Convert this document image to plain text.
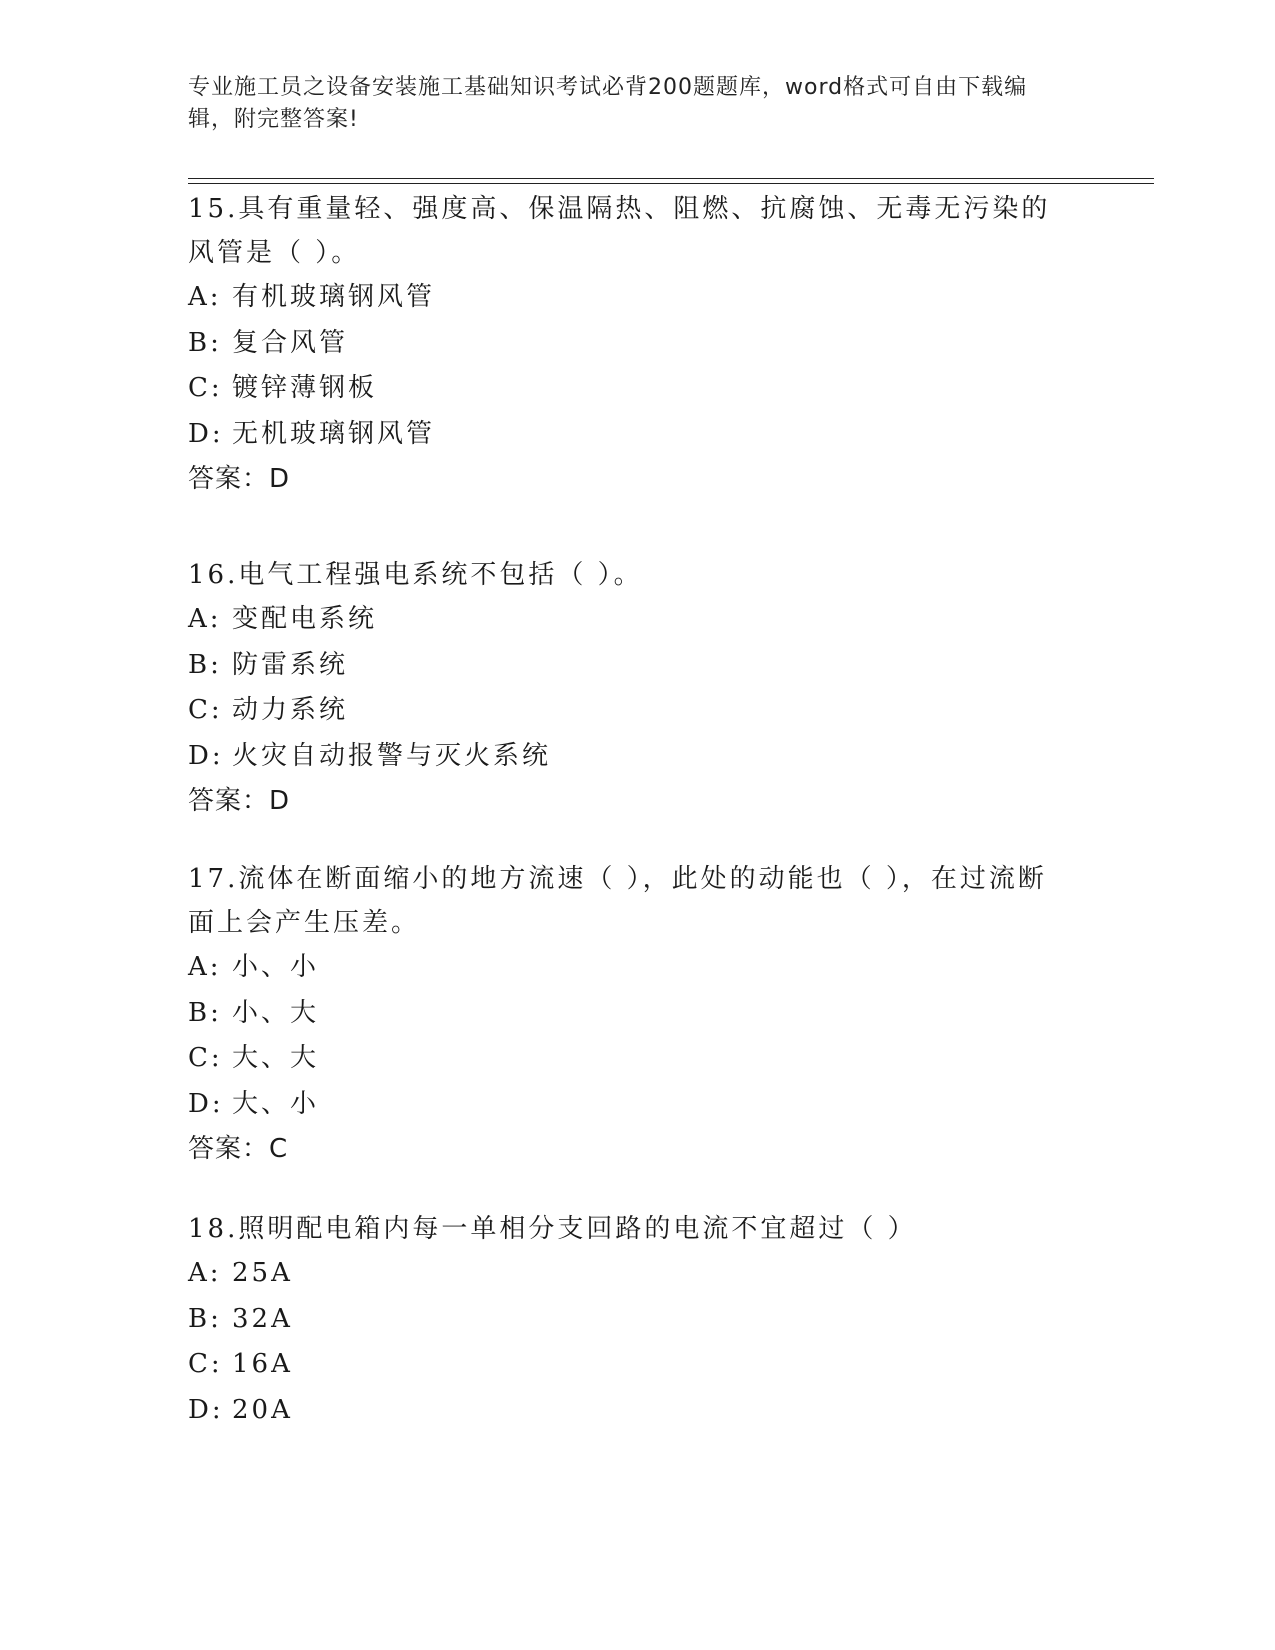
专业施工员之设备安装施工基础知识考试必背200题题库，word格式可自由下载编辑，附完整答案!

15.具有重量轻、强度高、保温隔热、阻燃、抗腐蚀、无毒无污染的风管是（ ）。

A: 有机玻璃钢风管

B: 复合风管

C: 镀锌薄钢板

D: 无机玻璃钢风管

答案：D

16.电气工程强电系统不包括（ ）。

A: 变配电系统

B: 防雷系统

C: 动力系统

D: 火灾自动报警与灭火系统

答案：D

17.流体在断面缩小的地方流速（ ），此处的动能也（ ），在过流断面上会产生压差。

A: 小、小

B: 小、大

C: 大、大

D: 大、小

答案：C

18.照明配电箱内每一单相分支回路的电流不宜超过（ ）

A: 25A

B: 32A

C: 16A

D: 20A
